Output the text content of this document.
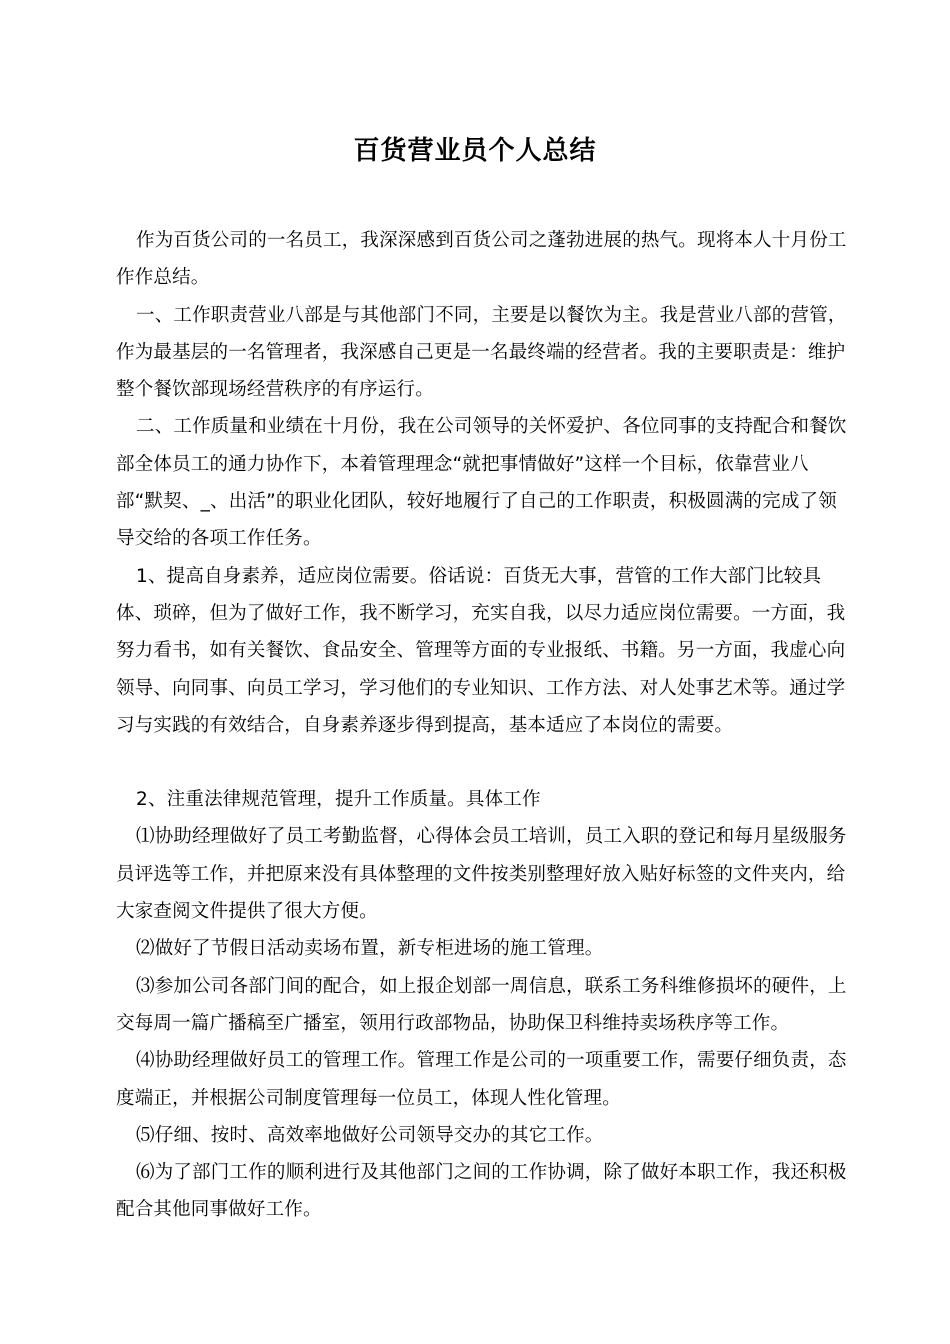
百货营业员个人总结

作为百货公司的一名员工，我深深感到百货公司之蓬勃进展的热气。现将本人十月份工作作总结。

一、工作职责营业八部是与其他部门不同，主要是以餐饮为主。我是营业八部的营管，作为最基层的一名管理者，我深感自己更是一名最终端的经营者。我的主要职责是：维护整个餐饮部现场经营秩序的有序运行。

二、工作质量和业绩在十月份，我在公司领导的关怀爱护、各位同事的支持配合和餐饮部全体员工的通力协作下，本着管理理念“就把事情做好”这样一个目标，依靠营业八部“默契、_、出活”的职业化团队，较好地履行了自己的工作职责，积极圆满的完成了领导交给的各项工作任务。

1、提高自身素养，适应岗位需要。俗话说：百货无大事，营管的工作大部门比较具体、琐碎，但为了做好工作，我不断学习，充实自我，以尽力适应岗位需要。一方面，我努力看书，如有关餐饮、食品安全、管理等方面的专业报纸、书籍。另一方面，我虚心向领导、向同事、向员工学习，学习他们的专业知识、工作方法、对人处事艺术等。通过学习与实践的有效结合，自身素养逐步得到提高，基本适应了本岗位的需要。

2、注重法律规范管理，提升工作质量。具体工作

⑴协助经理做好了员工考勤监督，心得体会员工培训，员工入职的登记和每月星级服务员评选等工作，并把原来没有具体整理的文件按类别整理好放入贴好标签的文件夹内，给大家查阅文件提供了很大方便。

⑵做好了节假日活动卖场布置，新专柜进场的施工管理。

⑶参加公司各部门间的配合，如上报企划部一周信息，联系工务科维修损坏的硬件，上交每周一篇广播稿至广播室，领用行政部物品，协助保卫科维持卖场秩序等工作。

⑷协助经理做好员工的管理工作。管理工作是公司的一项重要工作，需要仔细负责，态度端正，并根据公司制度管理每一位员工，体现人性化管理。

⑸仔细、按时、高效率地做好公司领导交办的其它工作。

⑹为了部门工作的顺利进行及其他部门之间的工作协调，除了做好本职工作，我还积极配合其他同事做好工作。
